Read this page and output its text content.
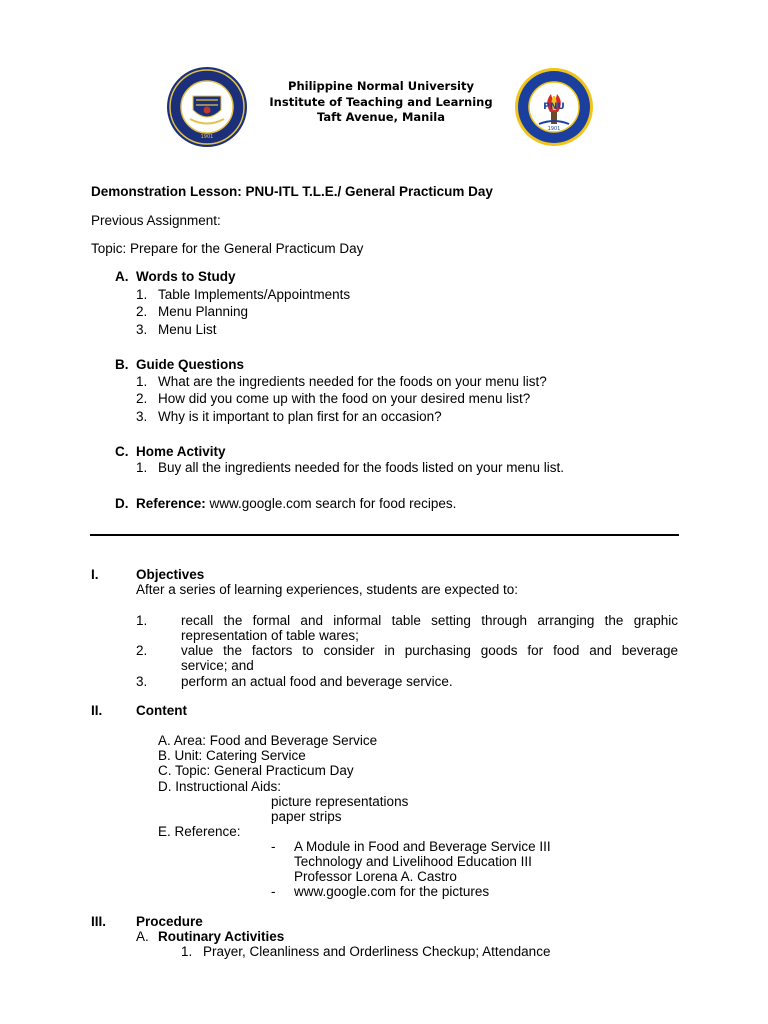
1901
PNU
1901
Philippine Normal University
Institute of Teaching and Learning
Taft Avenue, Manila
Demonstration Lesson: PNU-ITL T.L.E./ General Practicum Day
Previous Assignment:
Topic: Prepare for the General Practicum Day
A. Words to Study
1. Table Implements/Appointments
2. Menu Planning
3. Menu List
B. Guide Questions
1. What are the ingredients needed for the foods on your menu list?
2. How did you come up with the food on your desired menu list?
3. Why is it important to plan first for an occasion?
C. Home Activity
1. Buy all the ingredients needed for the foods listed on your menu list.
D. Reference: www.google.com search for food recipes.
I.	Objectives
After a series of learning experiences, students are expected to:
1. recall the formal and informal table setting through arranging the graphic
representation of table wares;
2. value the factors to consider in purchasing goods for food and beverage
service; and
3. perform an actual food and beverage service.
II. Content
A. Area: Food and Beverage Service
B. Unit: Catering Service
C. Topic: General Practicum Day
D. Instructional Aids:
picture representations
paper strips
E. Reference:
- A Module in Food and Beverage Service III
Technology and Livelihood Education III
Professor Lorena A. Castro
- www.google.com for the pictures
III. Procedure
A. Routinary Activities
1. Prayer, Cleanliness and Orderliness Checkup; Attendance
